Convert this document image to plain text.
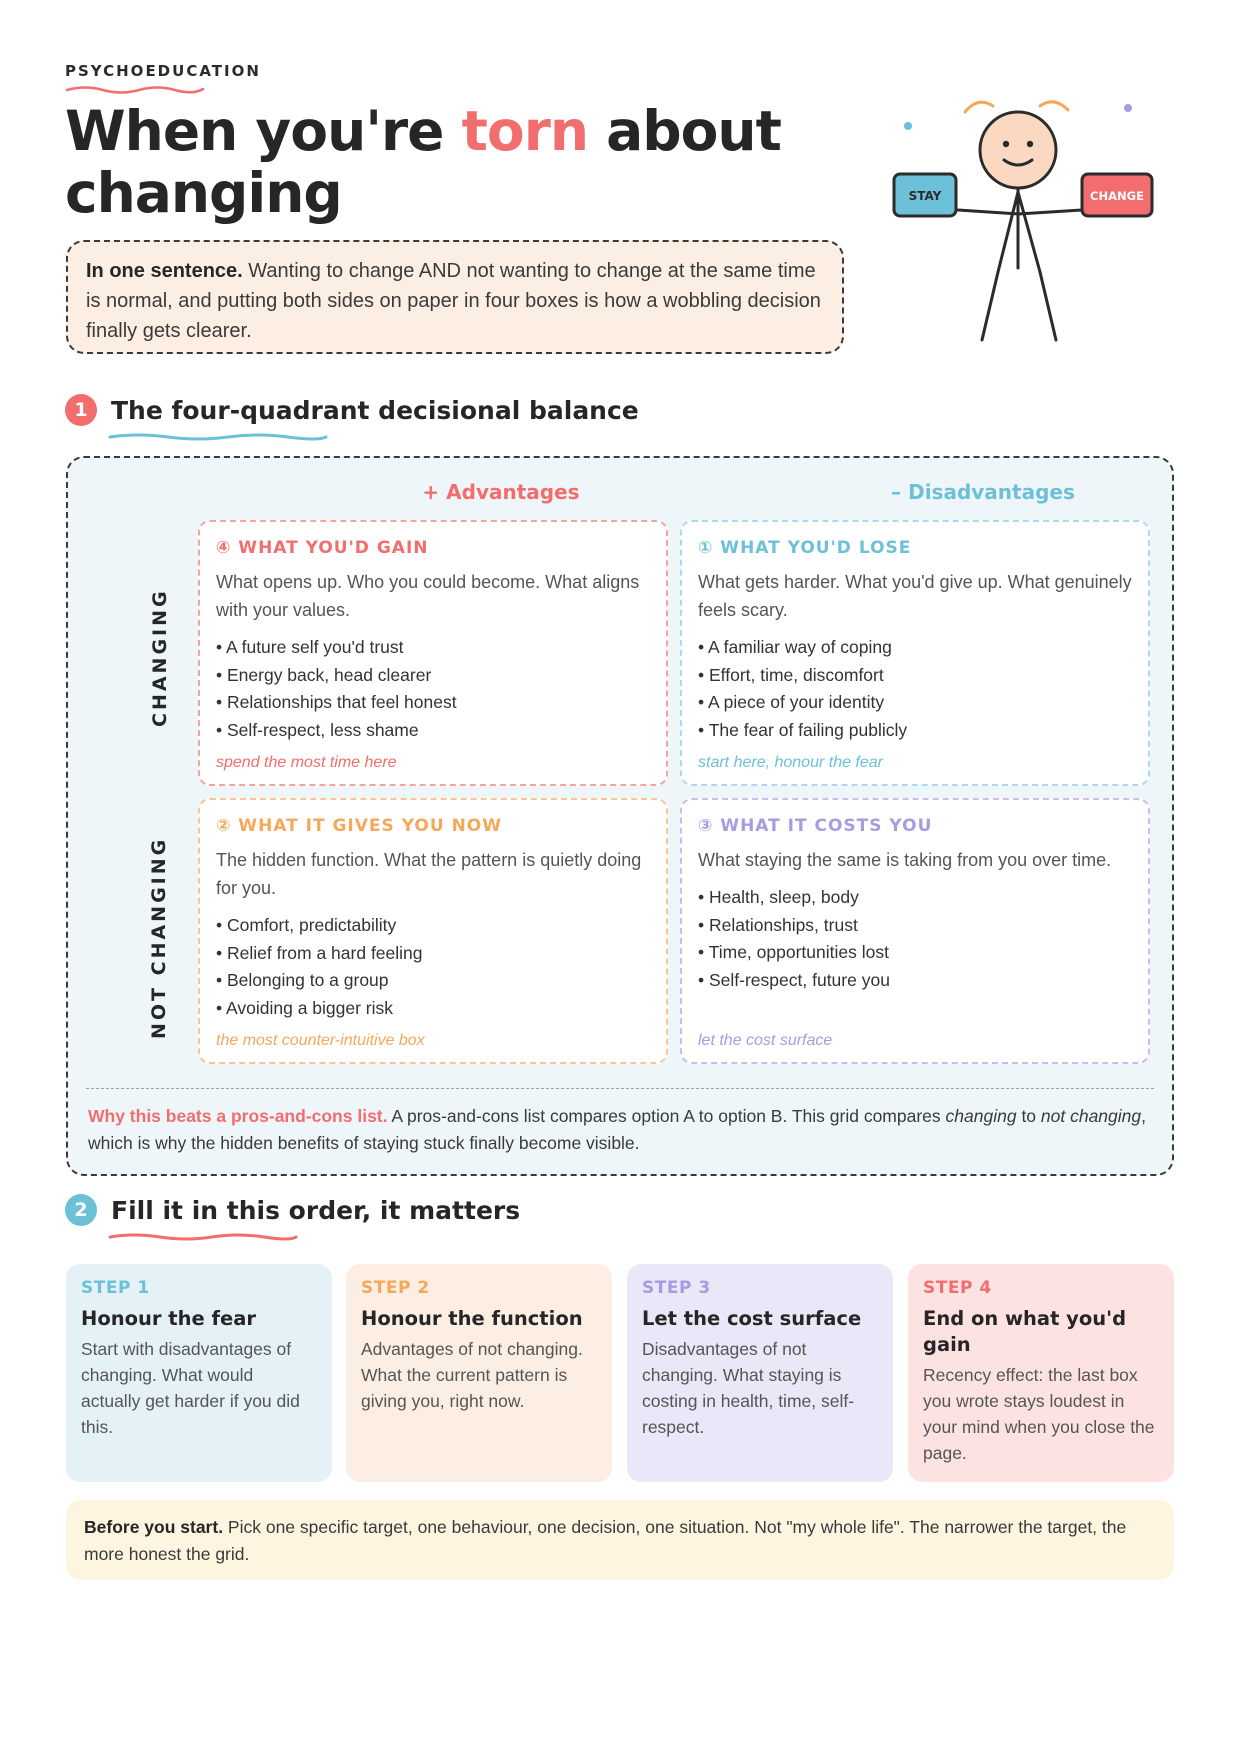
PSYCHOEDUCATION
When you're torn about changing
In one sentence. Wanting to change AND not wanting to change at the same time is normal, and putting both sides on paper in four boxes is how a wobbling decision finally gets clearer.
STAY	CHANGE
1 The four-quadrant decisional balance
+ Advantages	– Disadvantages
CHANGING
NOT CHANGING
④ WHAT YOU'D GAIN
What opens up. Who you could become. What aligns with your values.
• A future self you'd trust
• Energy back, head clearer
• Relationships that feel honest
• Self-respect, less shame
spend the most time here
① WHAT YOU'D LOSE
What gets harder. What you'd give up. What genuinely feels scary.
• A familiar way of coping
• Effort, time, discomfort
• A piece of your identity
• The fear of failing publicly
start here, honour the fear
② WHAT IT GIVES YOU NOW
The hidden function. What the pattern is quietly doing for you.
• Comfort, predictability
• Relief from a hard feeling
• Belonging to a group
• Avoiding a bigger risk
the most counter-intuitive box
③ WHAT IT COSTS YOU
What staying the same is taking from you over time.
• Health, sleep, body
• Relationships, trust
• Time, opportunities lost
• Self-respect, future you
let the cost surface
Why this beats a pros-and-cons list. A pros-and-cons list compares option A to option B. This grid compares changing to not changing, which is why the hidden benefits of staying stuck finally become visible.
2 Fill it in this order, it matters
STEP 1
Honour the fear
Start with disadvantages of changing. What would actually get harder if you did this.
STEP 2
Honour the function
Advantages of not changing. What the current pattern is giving you, right now.
STEP 3
Let the cost surface
Disadvantages of not changing. What staying is costing in health, time, self-respect.
STEP 4
End on what you'd gain
Recency effect: the last box you wrote stays loudest in your mind when you close the page.
Before you start. Pick one specific target, one behaviour, one decision, one situation. Not "my whole life". The narrower the target, the more honest the grid.
